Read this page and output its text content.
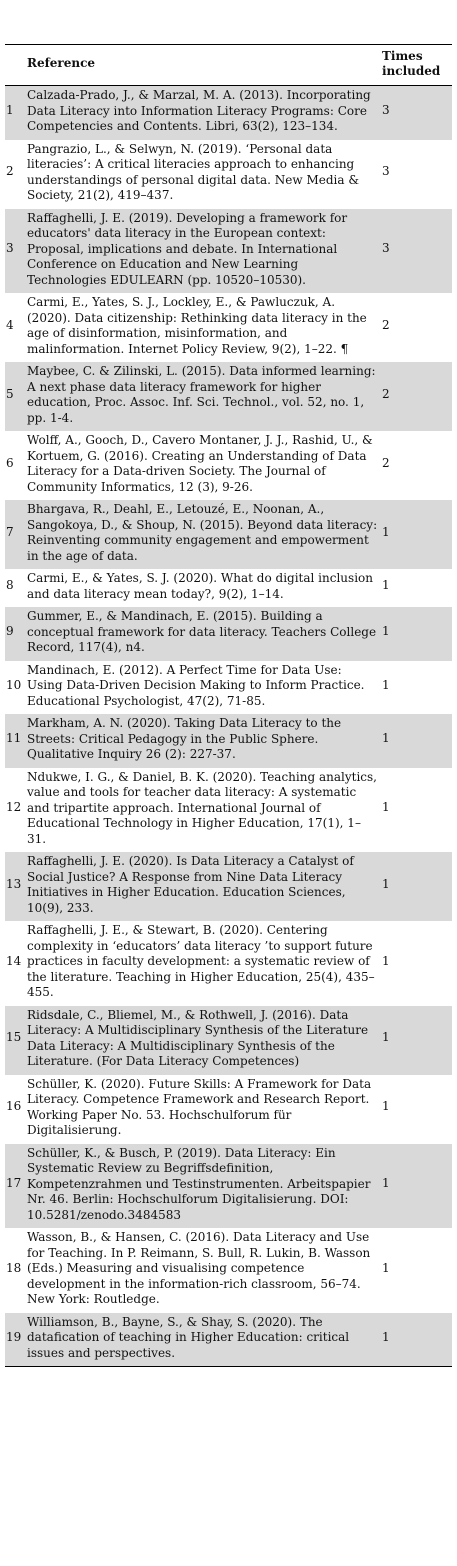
	Reference	Times included
1	Calzada-Prado, J., & Marzal, M. A. (2013). Incorporating Data Literacy into Information Literacy Programs: Core Competencies and Contents. Libri, 63(2), 123–134.	3
2	Pangrazio, L., & Selwyn, N. (2019). ‘Personal data literacies’: A critical literacies approach to enhancing understandings of personal digital data. New Media & Society, 21(2), 419–437.	3
3	Raffaghelli, J. E. (2019). Developing a framework for educators' data literacy in the European context: Proposal, implications and debate. In International Conference on Education and New Learning Technologies EDULEARN (pp. 10520–10530).	3
4	Carmi, E., Yates, S. J., Lockley, E., & Pawluczuk, A. (2020). Data citizenship: Rethinking data literacy in the age of disinformation, misinformation, and malinformation. Internet Policy Review, 9(2), 1–22. ¶	2
5	Maybee, C. & Zilinski, L. (2015). Data informed learning: A next phase data literacy framework for higher education, Proc. Assoc. Inf. Sci. Technol., vol. 52, no. 1, pp. 1-4.	2
6	Wolff, A., Gooch, D., Cavero Montaner, J. J., Rashid, U., & Kortuem, G. (2016). Creating an Understanding of Data Literacy for a Data-driven Society. The Journal of Community Informatics, 12 (3), 9-26.	2
7	Bhargava, R., Deahl, E., Letouzé, E., Noonan, A., Sangokoya, D., & Shoup, N. (2015). Beyond data literacy: Reinventing community engagement and empowerment in the age of data.	1
8	Carmi, E., & Yates, S. J. (2020). What do digital inclusion and data literacy mean today?, 9(2), 1–14.	1
9	Gummer, E., & Mandinach, E. (2015). Building a conceptual framework for data literacy. Teachers College Record, 117(4), n4.	1
10	Mandinach, E. (2012). A Perfect Time for Data Use: Using Data-Driven Decision Making to Inform Practice. Educational Psychologist, 47(2), 71-85.	1
11	Markham, A. N. (2020). Taking Data Literacy to the Streets: Critical Pedagogy in the Public Sphere. Qualitative Inquiry 26 (2): 227-37.	1
12	Ndukwe, I. G., & Daniel, B. K. (2020). Teaching analytics, value and tools for teacher data literacy: A systematic and tripartite approach. International Journal of Educational Technology in Higher Education, 17(1), 1–31.	1
13	Raffaghelli, J. E. (2020). Is Data Literacy a Catalyst of Social Justice? A Response from Nine Data Literacy Initiatives in Higher Education. Education Sciences, 10(9), 233.	1
14	Raffaghelli, J. E., & Stewart, B. (2020). Centering complexity in ‘educators’ data literacy ’to support future practices in faculty development: a systematic review of the literature. Teaching in Higher Education, 25(4), 435–455.	1
15	Ridsdale, C., Bliemel, M., & Rothwell, J. (2016). Data Literacy: A Multidisciplinary Synthesis of the Literature Data Literacy: A Multidisciplinary Synthesis of the Literature. (For Data Literacy Competences)	1
16	Schüller, K. (2020). Future Skills: A Framework for Data Literacy. Competence Framework and Research Report. Working Paper No. 53. Hochschulforum für Digitalisierung.	1
17	Schüller, K., & Busch, P. (2019). Data Literacy: Ein Systematic Review zu Begriffsdefinition, Kompetenzrahmen und Testinstrumenten. Arbeitspapier Nr. 46. Berlin: Hochschulforum Digitalisierung. DOI: 10.5281/zenodo.3484583	1
18	Wasson, B., & Hansen, C. (2016). Data Literacy and Use for Teaching. In P. Reimann, S. Bull, R. Lukin, B. Wasson (Eds.) Measuring and visualising competence development in the information-rich classroom, 56–74. New York: Routledge.	1
19	Williamson, B., Bayne, S., & Shay, S. (2020). The datafication of teaching in Higher Education: critical issues and perspectives.	1
